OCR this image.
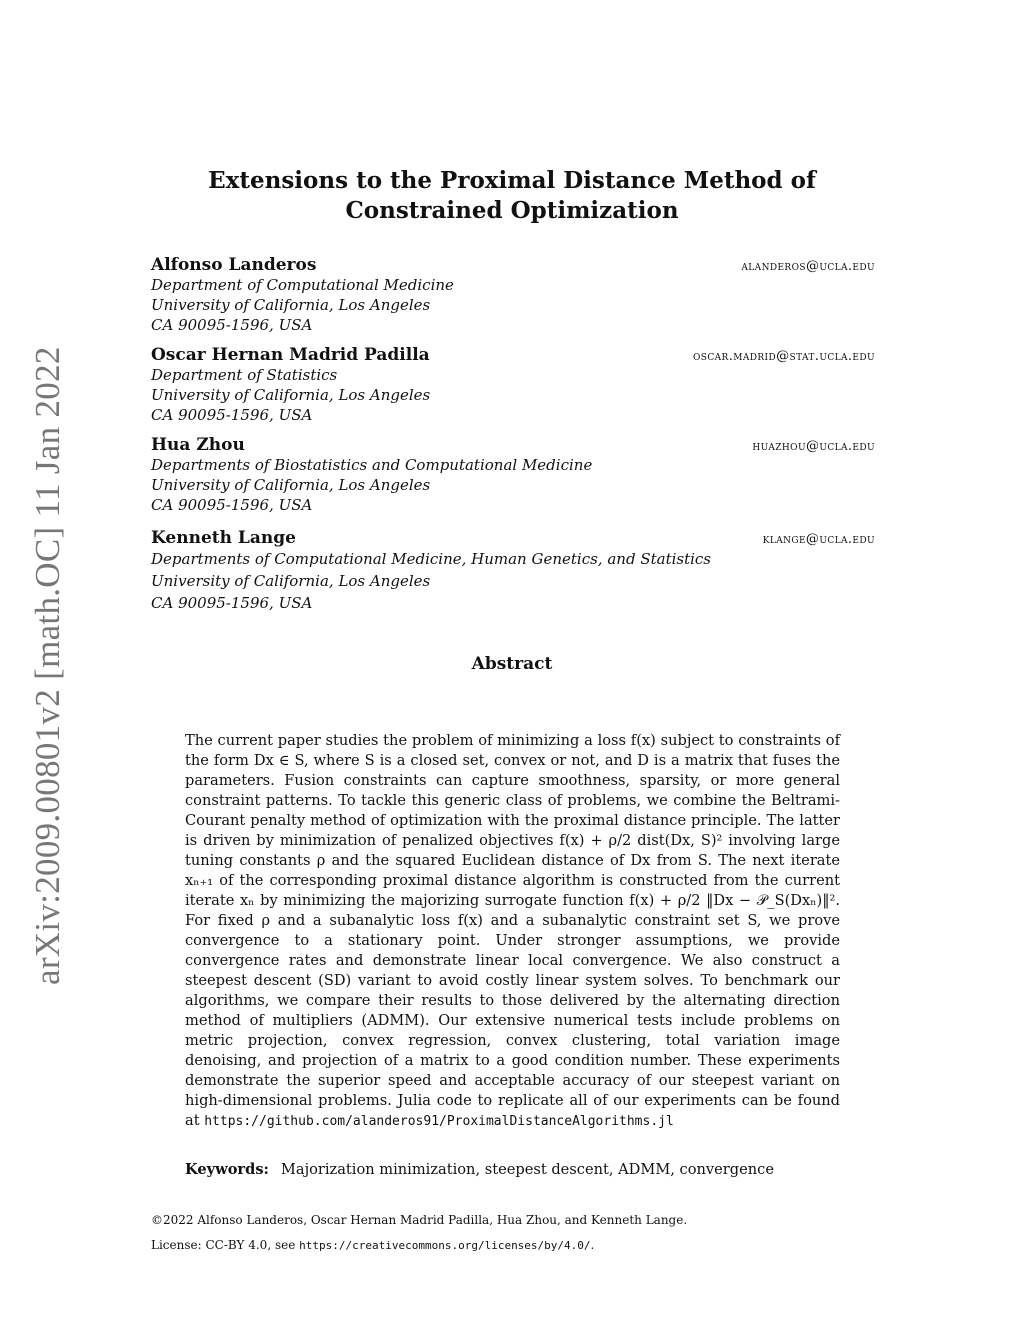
arXiv:2009.00801v2 [math.OC] 11 Jan 2022
Extensions to the Proximal Distance Method of Constrained Optimization
Alfonso Landeros	alanderos@ucla.edu
Department of Computational Medicine
University of California, Los Angeles
CA 90095-1596, USA
Oscar Hernan Madrid Padilla	oscar.madrid@stat.ucla.edu
Department of Statistics
University of California, Los Angeles
CA 90095-1596, USA
Hua Zhou	huazhou@ucla.edu
Departments of Biostatistics and Computational Medicine
University of California, Los Angeles
CA 90095-1596, USA
Kenneth Lange	klange@ucla.edu
Departments of Computational Medicine, Human Genetics, and Statistics
University of California, Los Angeles
CA 90095-1596, USA
Abstract
The current paper studies the problem of minimizing a loss f(x) subject to constraints of the form Dx ∈ S, where S is a closed set, convex or not, and D is a matrix that fuses the parameters. Fusion constraints can capture smoothness, sparsity, or more general constraint patterns. To tackle this generic class of problems, we combine the Beltrami-Courant penalty method of optimization with the proximal distance principle. The latter is driven by minimization of penalized objectives f(x) + ρ/2 dist(Dx, S)² involving large tuning constants ρ and the squared Euclidean distance of Dx from S. The next iterate xₙ₊₁ of the corresponding proximal distance algorithm is constructed from the current iterate xₙ by minimizing the majorizing surrogate function f(x) + ρ/2 ‖Dx − 𝒫_S(Dxₙ)‖². For fixed ρ and a subanalytic loss f(x) and a subanalytic constraint set S, we prove convergence to a stationary point. Under stronger assumptions, we provide convergence rates and demonstrate linear local convergence. We also construct a steepest descent (SD) variant to avoid costly linear system solves. To benchmark our algorithms, we compare their results to those delivered by the alternating direction method of multipliers (ADMM). Our extensive numerical tests include problems on metric projection, convex regression, convex clustering, total variation image denoising, and projection of a matrix to a good condition number. These experiments demonstrate the superior speed and acceptable accuracy of our steepest variant on high-dimensional problems. Julia code to replicate all of our experiments can be found at https://github.com/alanderos91/ProximalDistanceAlgorithms.jl
Keywords: Majorization minimization, steepest descent, ADMM, convergence
©2022 Alfonso Landeros, Oscar Hernan Madrid Padilla, Hua Zhou, and Kenneth Lange.
License: CC-BY 4.0, see https://creativecommons.org/licenses/by/4.0/.
